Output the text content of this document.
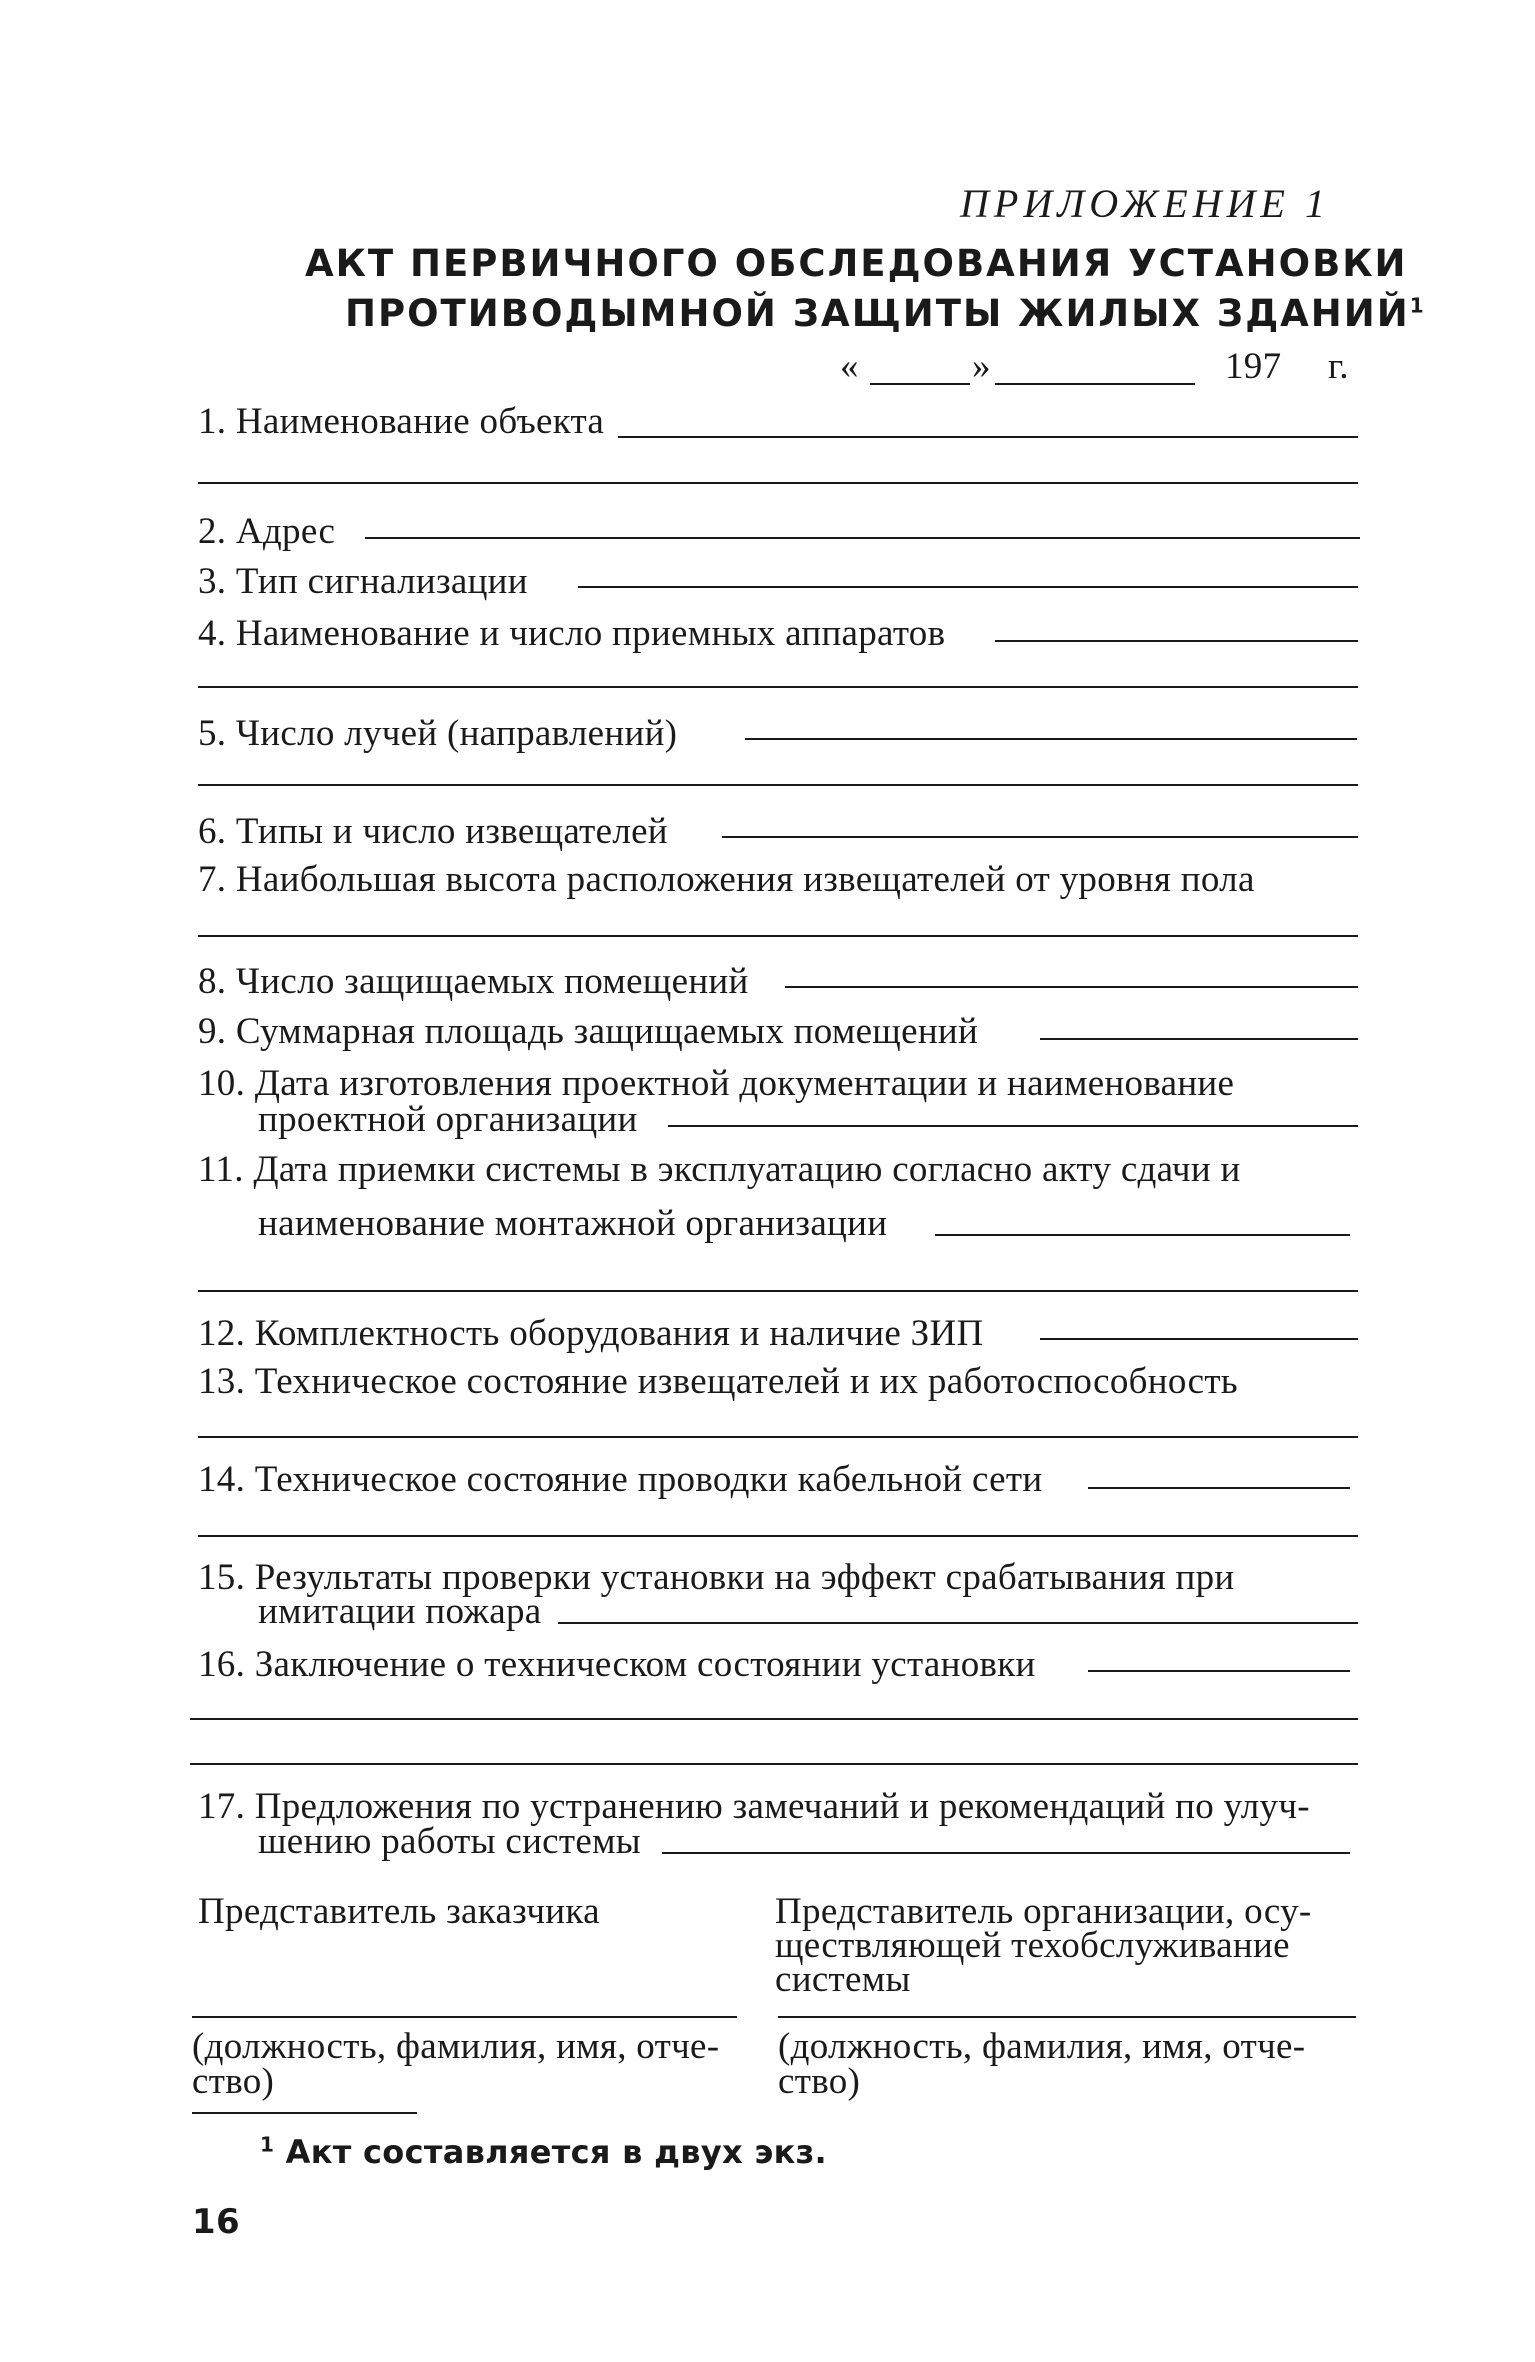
ПРИЛОЖЕНИЕ 1
АКТ ПЕРВИЧНОГО ОБСЛЕДОВАНИЯ УСТАНОВКИ
ПРОТИВОДЫМНОЙ ЗАЩИТЫ ЖИЛЫХ ЗДАНИЙ$^1$
«	»	197 г.
1. Наименование объекта
2. Адрес
3. Тип сигнализации
4. Наименование и число приемных аппаратов
5. Число лучей (направлений)
6. Типы и число извещателей
7. Наибольшая высота расположения извещателей от уровня пола
8. Число защищаемых помещений
9. Суммарная площадь защищаемых помещений
10. Дата изготовления проектной документации и наименование
проектной организации
11. Дата приемки системы в эксплуатацию согласно акту сдачи и
наименование монтажной организации
12. Комплектность оборудования и наличие ЗИП
13. Техническое состояние извещателей и их работоспособность
14. Техническое состояние проводки кабельной сети
15. Результаты проверки установки на эффект срабатывания при
имитации пожара
16. Заключение о техническом состоянии установки
17. Предложения по устранению замечаний и рекомендаций по улуч-
шению работы системы
Представитель заказчика	Представитель организации, осу-
ществляющей техобслуживание
системы
(должность, фамилия, имя, отче-
ство)
(должность, фамилия, имя, отче-
ство)
$^1$ Акт составляется в двух экз.
16
